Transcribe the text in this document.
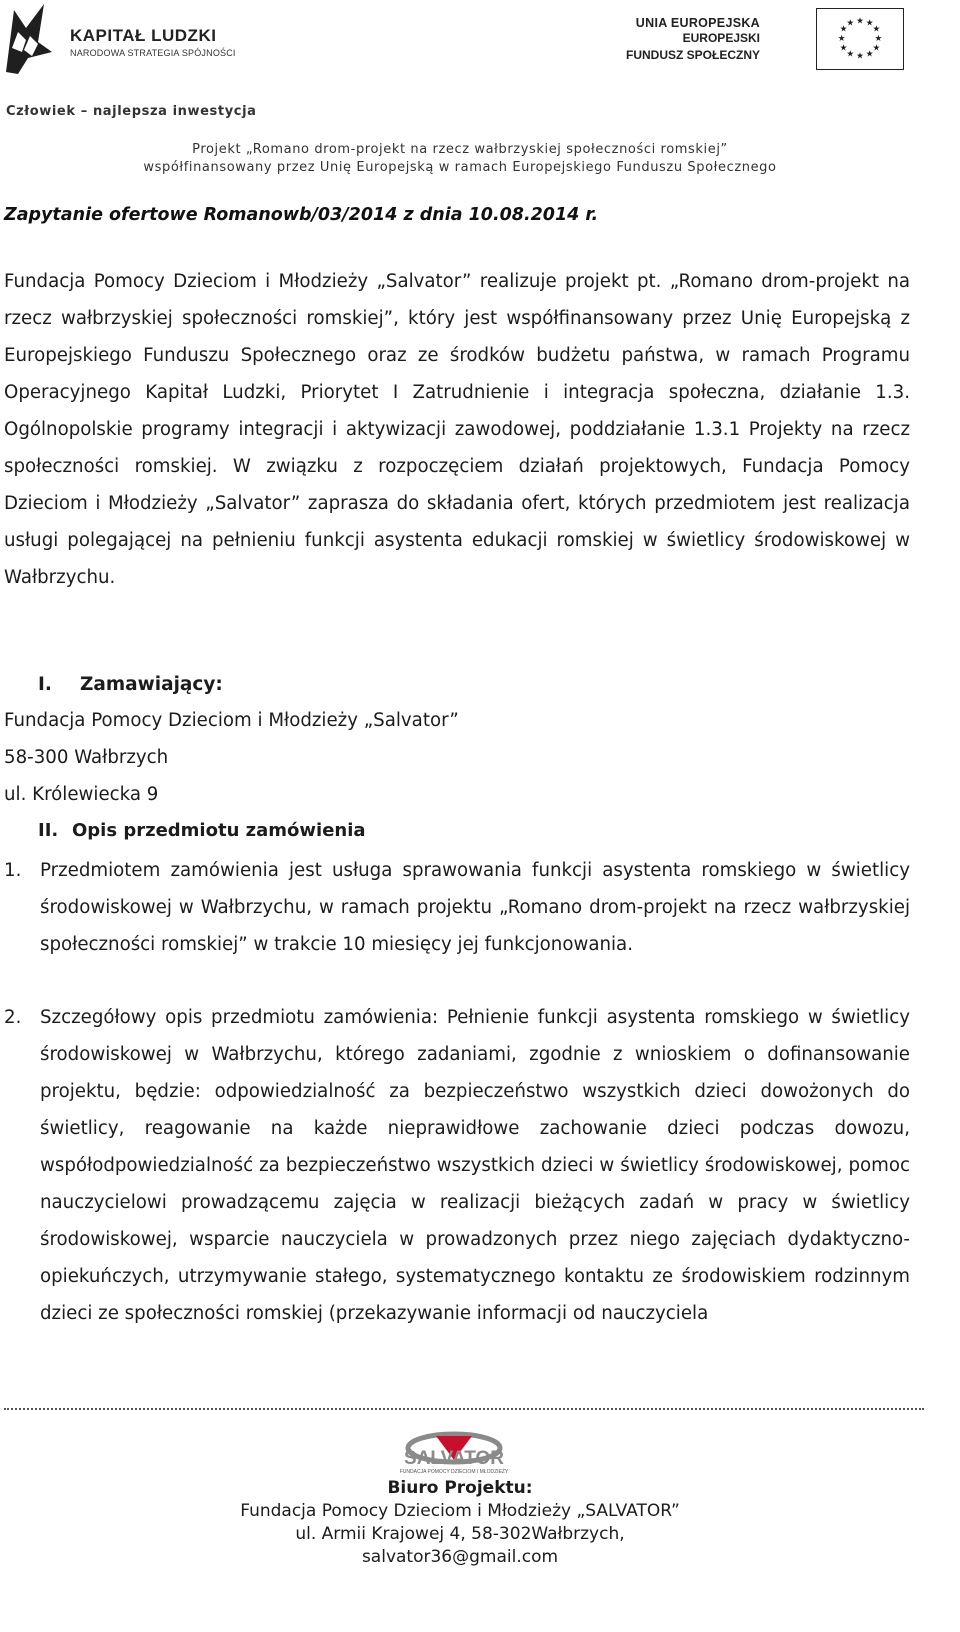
KAPITAŁ LUDZKI
NARODOWA STRATEGIA SPÓJNOŚCI
UNIA EUROPEJSKA
EUROPEJSKI
FUNDUSZ SPOŁECZNY
★ ★
★
★
★
★
★
★
★
★
★
★
Człowiek – najlepsza inwestycja
Projekt „Romano drom-projekt na rzecz wałbrzyskiej społeczności romskiej”
współfinansowany przez Unię Europejską w ramach Europejskiego Funduszu Społecznego
Zapytanie ofertowe Romanowb/03/2014 z dnia 10.08.2014 r.
Fundacja Pomocy Dzieciom i Młodzieży „Salvator” realizuje projekt pt. „Romano drom-projekt na rzecz wałbrzyskiej społeczności romskiej”, który jest współfinansowany przez Unię Europejską z Europejskiego Funduszu Społecznego oraz ze środków budżetu państwa, w ramach Programu Operacyjnego Kapitał Ludzki, Priorytet I Zatrudnienie i integracja społeczna, działanie 1.3. Ogólnopolskie programy integracji i aktywizacji zawodowej, poddziałanie 1.3.1 Projekty na rzecz społeczności romskiej. W związku z rozpoczęciem działań projektowych, Fundacja Pomocy Dzieciom i Młodzieży „Salvator” zaprasza do składania ofert, których przedmiotem jest realizacja usługi polegającej na pełnieniu funkcji asystenta edukacji romskiej w świetlicy środowiskowej w Wałbrzychu.
I. Zamawiający:
Fundacja Pomocy Dzieciom i Młodzieży „Salvator”
58-300 Wałbrzych
ul. Królewiecka 9
II. Opis przedmiotu zamówienia
1. Przedmiotem zamówienia jest usługa sprawowania funkcji asystenta romskiego w świetlicy środowiskowej w Wałbrzychu, w ramach projektu „Romano drom-projekt na rzecz wałbrzyskiej społeczności romskiej” w trakcie 10 miesięcy jej funkcjonowania.
2. Szczegółowy opis przedmiotu zamówienia: Pełnienie funkcji asystenta romskiego w świetlicy środowiskowej w Wałbrzychu, którego zadaniami, zgodnie z wnioskiem o dofinansowanie projektu, będzie: odpowiedzialność za bezpieczeństwo wszystkich dzieci dowożonych do świetlicy, reagowanie na każde nieprawidłowe zachowanie dzieci podczas dowozu, współodpowiedzialność za bezpieczeństwo wszystkich dzieci w świetlicy środowiskowej, pomoc nauczycielowi prowadzącemu zajęcia w realizacji bieżących zadań w pracy w świetlicy środowiskowej, wsparcie nauczyciela w prowadzonych przez niego zajęciach dydaktyczno- opiekuńczych, utrzymywanie stałego, systematycznego kontaktu ze środowiskiem rodzinnym dzieci ze społeczności romskiej (przekazywanie informacji od nauczyciela
SALVATOR
FUNDACJA POMOCY DZIECIOM I MŁODZIEŻY
Biuro Projektu:
Fundacja Pomocy Dzieciom i Młodzieży „SALVATOR”
ul. Armii Krajowej 4, 58-302Wałbrzych,
salvator36@gmail.com
